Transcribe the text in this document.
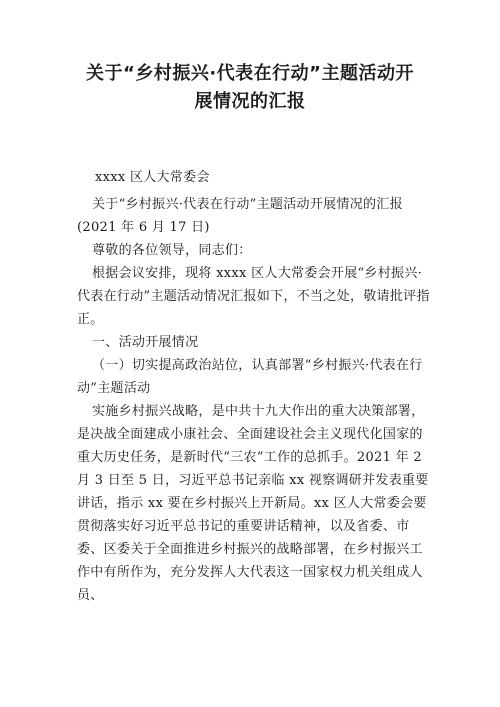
关于“乡村振兴·代表在行动”主题活动开
展情况的汇报

xxxx 区人大常委会

关于“乡村振兴·代表在行动”主题活动开展情况的汇报

(2021 年 6 月 17 日)

尊敬的各位领导，同志们：

根据会议安排，现将 xxxx 区人大常委会开展“乡村振兴·代表在行动”主题活动情况汇报如下，不当之处，敬请批评指正。

一、活动开展情况

（一）切实提高政治站位，认真部署“乡村振兴·代表在行动”主题活动

实施乡村振兴战略，是中共十九大作出的重大决策部署，是决战全面建成小康社会、全面建设社会主义现代化国家的重大历史任务，是新时代“三农”工作的总抓手。2021 年 2 月 3 日至 5 日，习近平总书记亲临 xx 视察调研并发表重要讲话，指示 xx 要在乡村振兴上开新局。xx 区人大常委会要贯彻落实好习近平总书记的重要讲话精神，以及省委、市委、区委关于全面推进乡村振兴的战略部署，在乡村振兴工作中有所作为，充分发挥人大代表这一国家权力机关组成人员、
